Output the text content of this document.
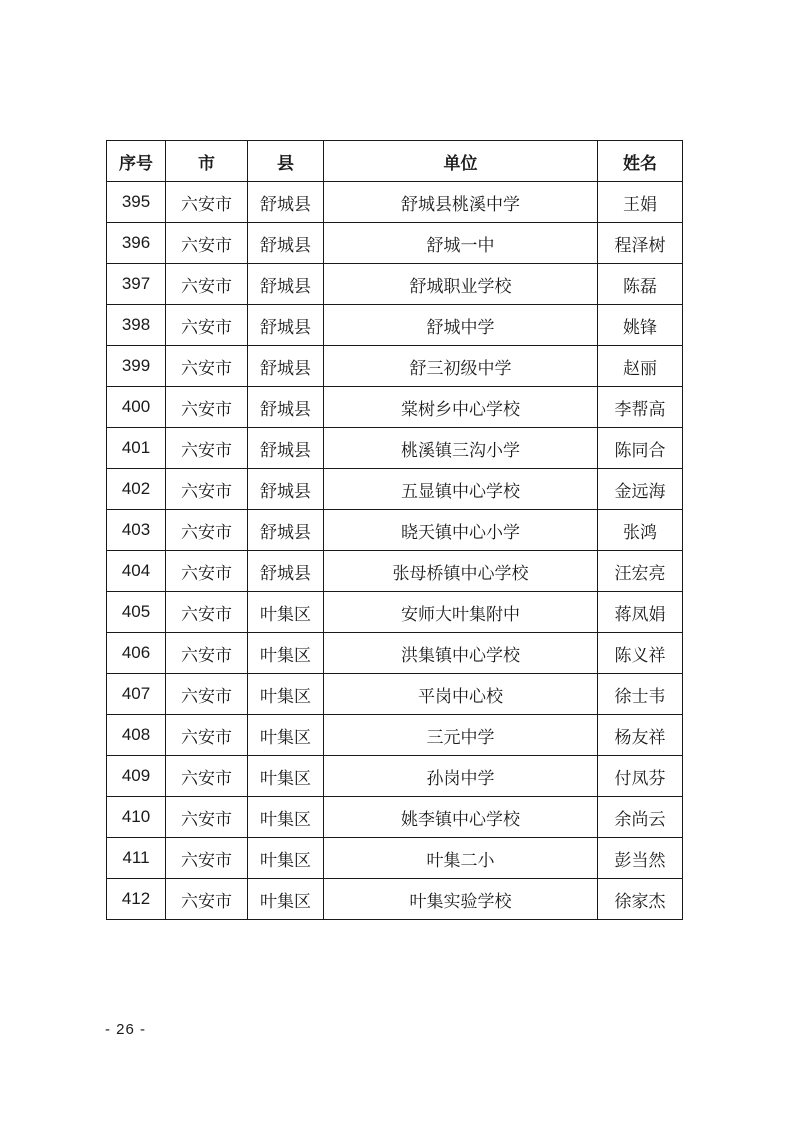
序号	市	县	单位	姓名
395	六安市	舒城县	舒城县桃溪中学	王娟
396	六安市	舒城县	舒城一中	程泽树
397	六安市	舒城县	舒城职业学校	陈磊
398	六安市	舒城县	舒城中学	姚锋
399	六安市	舒城县	舒三初级中学	赵丽
400	六安市	舒城县	棠树乡中心学校	李帮高
401	六安市	舒城县	桃溪镇三沟小学	陈同合
402	六安市	舒城县	五显镇中心学校	金远海
403	六安市	舒城县	晓天镇中心小学	张鸿
404	六安市	舒城县	张母桥镇中心学校	汪宏亮
405	六安市	叶集区	安师大叶集附中	蒋凤娟
406	六安市	叶集区	洪集镇中心学校	陈义祥
407	六安市	叶集区	平岗中心校	徐士韦
408	六安市	叶集区	三元中学	杨友祥
409	六安市	叶集区	孙岗中学	付凤芬
410	六安市	叶集区	姚李镇中心学校	余尚云
411	六安市	叶集区	叶集二小	彭当然
412	六安市	叶集区	叶集实验学校	徐家杰
- 26 -
